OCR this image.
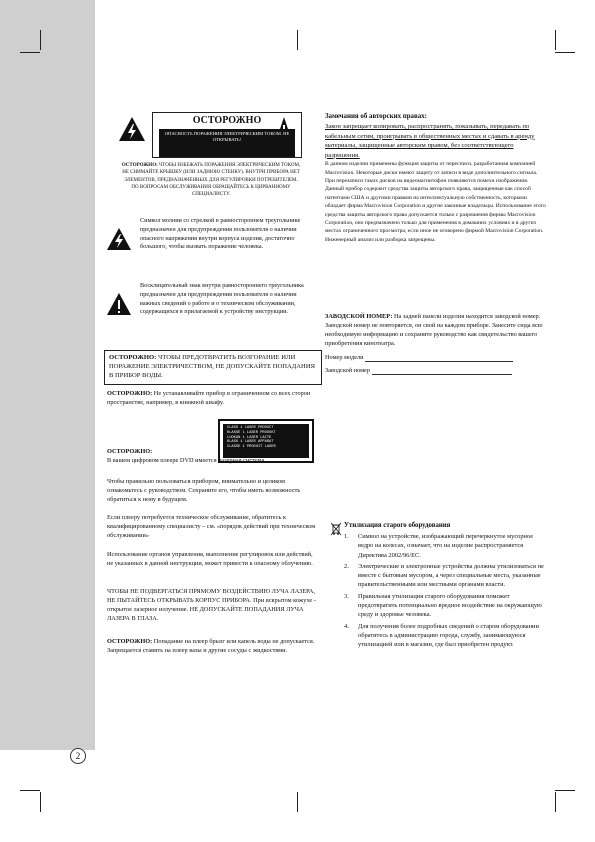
2
ОСТОРОЖНО
ОПАСНОСТЬ ПОРАЖЕНИЯ ЭЛЕКТРИЧЕСКИМ ТОКОМ. НЕ ОТКРЫВАТЬ!
ОСТОРОЖНО: ЧТОБЫ ИЗБЕЖАТЬ ПОРАЖЕНИЯ ЭЛЕКТРИЧЕСКИМ ТОКОМ, НЕ СНИМАЙТЕ КРЫШКУ (ИЛИ ЗАДНЮЮ СТЕНКУ). ВНУТРИ ПРИБОРА НЕТ ЭЛЕМЕНТОВ, ПРЕДНАЗНАЧЕННЫХ ДЛЯ РЕГУЛИРОВКИ ПОТРЕБИТЕЛЕМ. ПО ВОПРОСАМ ОБСЛУЖИВАНИЯ ОБРАЩАЙТЕСЬ К ЦИРВАННОМУ СПЕЦИАЛИСТУ.
Символ молнии со стрелкой в равностороннем треугольнике предназначен для предупреждения пользователя о наличии опасного напряжения внутри корпуса изделия, достаточно большого, чтобы вызвать поражение человека.
Восклицательный знак внутри равностороннего треугольника предназначен для предупреждения пользователя о наличии важных сведений о работе и о техническом обслуживании, содержащихся в прилагаемой к устройству инструкции.
ОСТОРОЖНО: ЧТОБЫ ПРЕДОТВРАТИТЬ ВОЗГОРАНИЕ ИЛИ ПОРАЖЕНИЕ ЭЛЕКТРИЧЕСТВОМ, НЕ ДОПУСКАЙТЕ ПОПАДАНИЯ В ПРИБОР ВОДЫ.
ОСТОРОЖНО: Не устанавливайте прибор в ограниченном со всех сторон пространстве, например, в книжной шкафу.
CLASS 1 LASER PRODUCT
KLASSE 1 LASER PRODUKT
LUOKAN 1 LASER LAITE
KLASS 1 LASER APPARAT
CLASSE 1 PRODUIT LASER
ОСТОРОЖНО:
В вашем цифровом плеере DVD имеется лазерная система.
Чтобы правильно пользоваться прибором, внимательно и целиком ознакомьтесь с руководством. Сохраните его, чтобы иметь возможность обратиться к нему в будущем.
Если плееру потребуется техническое обслуживание, обратитесь к квалифицированному специалисту – см. «порядок действий при техническом обслуживании»
Использование органов управления, выполнение регулировок или действий, не указанных в данной инструкции, может привести к опасному облучению.
ЧТОБЫ НЕ ПОДВЕРГАТЬСЯ ПРЯМОМУ ВОЗДЕЙСТВИЮ ЛУЧА ЛАЗЕРА, НЕ ПЫТАЙТЕСЬ ОТКРЫВАТЬ КОРПУС ПРИБОРА. При вскрытом кожухе - открытое лазерное излучение. НЕ ДОПУСКАЙТЕ ПОПАДАНИЯ ЛУЧА ЛАЗЕРА В ГЛАЗА.
ОСТОРОЖНО: Попадание на плеер брызг или капель воды не допускается. Запрещается ставить на плеер вазы и другие сосуды с жидкостями.
Замечания об авторских правах:
Закон запрещает копировать, распространять, показывать, передавать по кабельным сетям, проигрывать в общественных местах и сдавать в аренду материалы, защищенные авторским правом, без соответствующего разрешения.
В данном изделии применены функция защиты от пересписи, разработанная компанией Macrovision. Некоторые диски имеют защиту от записи в виде дополнительного сигнала. При перезаписи таких дисков на видеомагнитофон появляются помехи изображения. Данный прибор содержит средства защиты авторского права, защищенные как способ патентами США и другими правами на интеллектуальную собственность, которыми обладает фирма Macrovision Corporation и другие законные владельцы. Использование этого средства защиты авторского права допускается только с разрешения фирмы Macrovision Corporation, оно предназначено только для применения в домашних условиях и в других местах ограниченного просмотра, если иное не оговорено фирмой Macrovision Corporation. Инженерный анализ или разборка запрещены.
ЗАВОДСКОЙ НОМЕР: На задней панели изделия находится заводской номер. Заводской номер не повторяется, он свой на каждом приборе. Занесите сюда всю необходимую информацию и сохраните руководство как свидетельство вашего приобретения кинотеатра.
Номер модели
Заводской номер
Утилизация старого оборудования
1. Символ на устройстве, изображающий перечеркнутое мусорное ведро на колесах, означает, что на изделие распространяется Директива 2002/96/EC.
2. Электрические и электронные устройства должны утилизоваться не вместе с бытовым мусором, а через специальные места, указанные правительственными или местными органами власти.
3. Правильная утилизация старого оборудования поможет предотвратить потенциально вредное воздействие на окружающую среду и здоровье человека.
4. Для получения более подробных сведений о старом оборудовании обратитесь в администрацию города, службу, занимающуюся утилизацией или в магазин, где был приобретен продукт.
